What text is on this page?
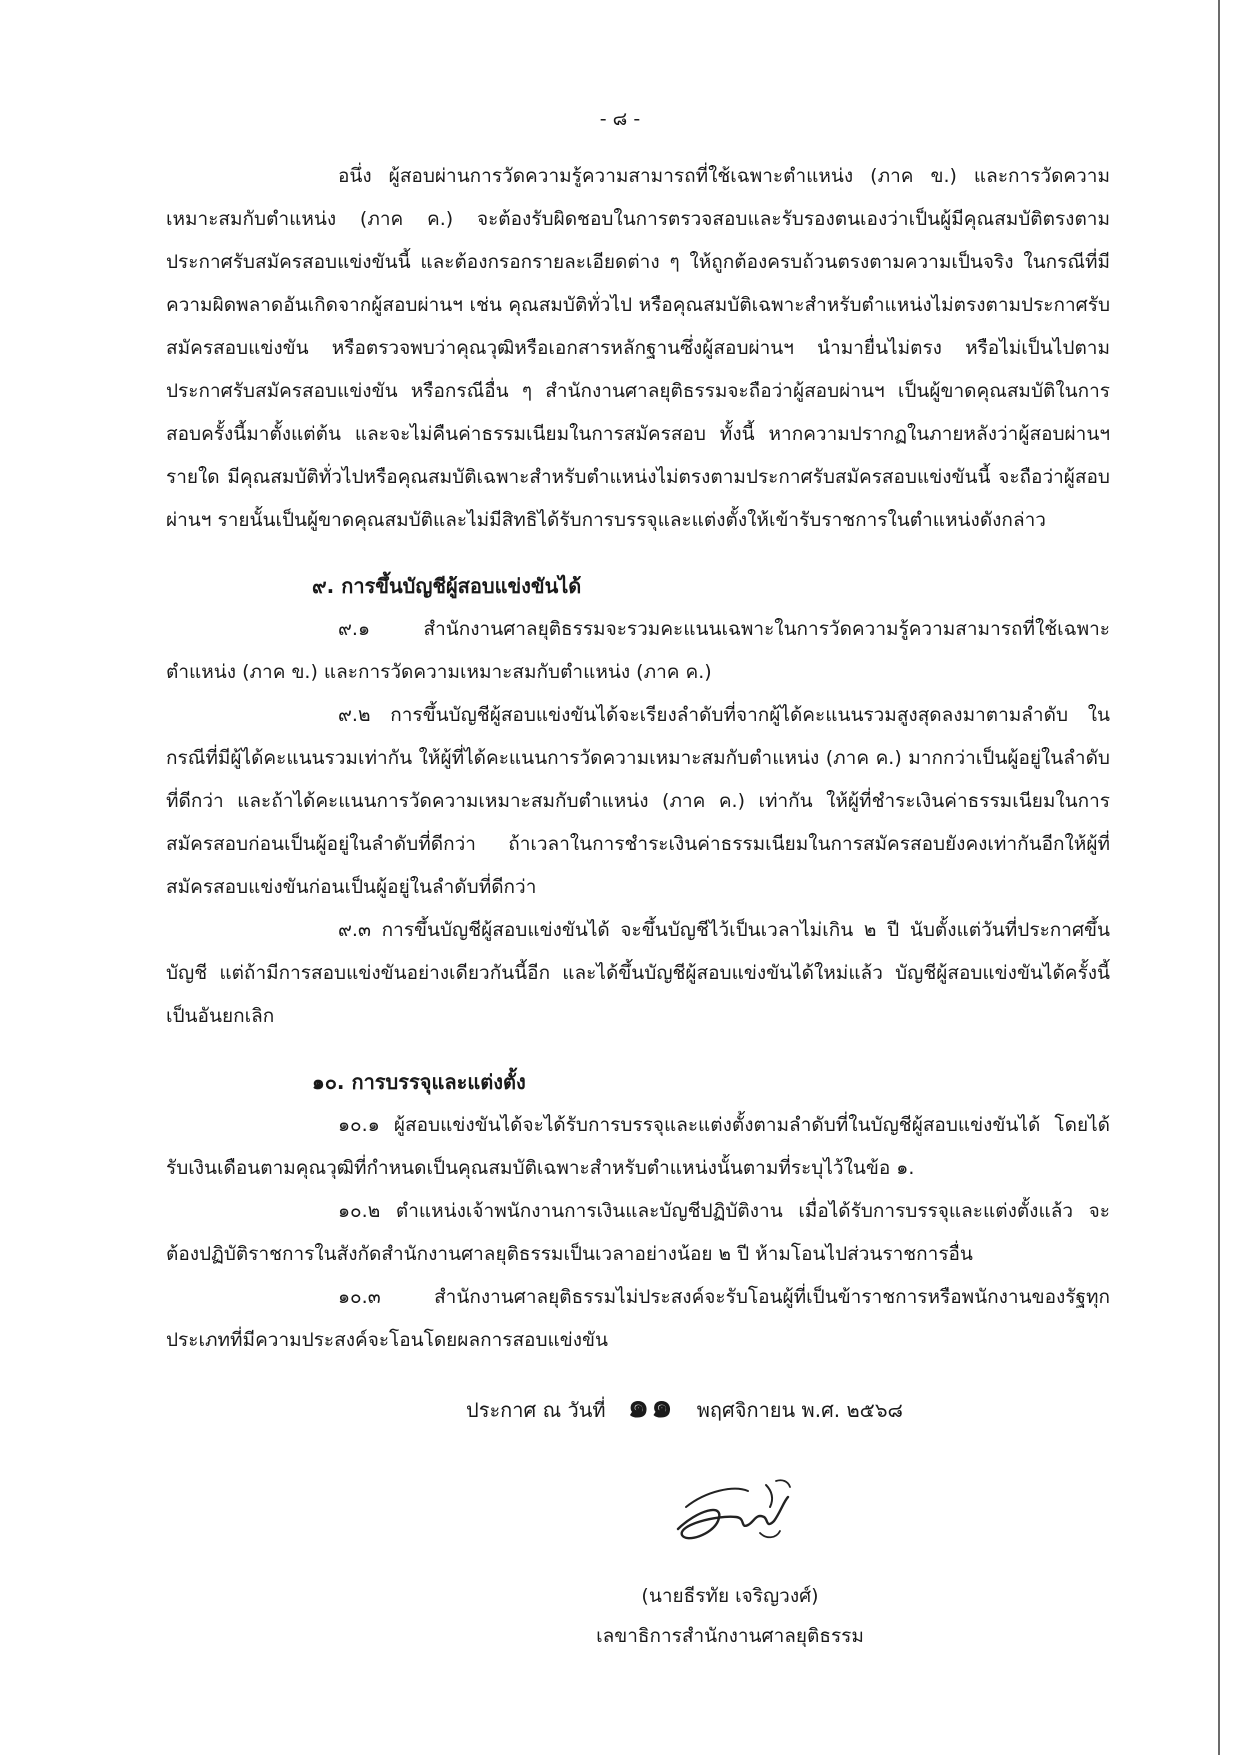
- ๘ -

อนึ่ง ผู้สอบผ่านการวัดความรู้ความสามารถที่ใช้เฉพาะตำแหน่ง (ภาค ข.) และการวัดความเหมาะสมกับตำแหน่ง (ภาค ค.) จะต้องรับผิดชอบในการตรวจสอบและรับรองตนเองว่าเป็นผู้มีคุณสมบัติตรงตามประกาศรับสมัครสอบแข่งขันนี้ และต้องกรอกรายละเอียดต่าง ๆ ให้ถูกต้องครบถ้วนตรงตามความเป็นจริง ในกรณีที่มีความผิดพลาดอันเกิดจากผู้สอบผ่านฯ เช่น คุณสมบัติทั่วไป หรือคุณสมบัติเฉพาะสำหรับตำแหน่งไม่ตรงตามประกาศรับสมัครสอบแข่งขัน หรือตรวจพบว่าคุณวุฒิหรือเอกสารหลักฐานซึ่งผู้สอบผ่านฯ นำมายื่นไม่ตรง หรือไม่เป็นไปตามประกาศรับสมัครสอบแข่งขัน หรือกรณีอื่น ๆ สำนักงานศาลยุติธรรมจะถือว่าผู้สอบผ่านฯ เป็นผู้ขาดคุณสมบัติในการสอบครั้งนี้มาตั้งแต่ต้น และจะไม่คืนค่าธรรมเนียมในการสมัครสอบ ทั้งนี้ หากความปรากฏในภายหลังว่าผู้สอบผ่านฯ รายใด มีคุณสมบัติทั่วไปหรือคุณสมบัติเฉพาะสำหรับตำแหน่งไม่ตรงตามประกาศรับสมัครสอบแข่งขันนี้ จะถือว่าผู้สอบผ่านฯ รายนั้นเป็นผู้ขาดคุณสมบัติและไม่มีสิทธิได้รับการบรรจุและแต่งตั้งให้เข้ารับราชการในตำแหน่งดังกล่าว

๙. การขึ้นบัญชีผู้สอบแข่งขันได้

๙.๑ สำนักงานศาลยุติธรรมจะรวมคะแนนเฉพาะในการวัดความรู้ความสามารถที่ใช้เฉพาะตำแหน่ง (ภาค ข.) และการวัดความเหมาะสมกับตำแหน่ง (ภาค ค.)

๙.๒ การขึ้นบัญชีผู้สอบแข่งขันได้จะเรียงลำดับที่จากผู้ได้คะแนนรวมสูงสุดลงมาตามลำดับ ในกรณีที่มีผู้ได้คะแนนรวมเท่ากัน ให้ผู้ที่ได้คะแนนการวัดความเหมาะสมกับตำแหน่ง (ภาค ค.) มากกว่าเป็นผู้อยู่ในลำดับที่ดีกว่า และถ้าได้คะแนนการวัดความเหมาะสมกับตำแหน่ง (ภาค ค.) เท่ากัน ให้ผู้ที่ชำระเงินค่าธรรมเนียมในการสมัครสอบก่อนเป็นผู้อยู่ในลำดับที่ดีกว่า ถ้าเวลาในการชำระเงินค่าธรรมเนียมในการสมัครสอบยังคงเท่ากันอีกให้ผู้ที่สมัครสอบแข่งขันก่อนเป็นผู้อยู่ในลำดับที่ดีกว่า

๙.๓ การขึ้นบัญชีผู้สอบแข่งขันได้ จะขึ้นบัญชีไว้เป็นเวลาไม่เกิน ๒ ปี นับตั้งแต่วันที่ประกาศขึ้นบัญชี แต่ถ้ามีการสอบแข่งขันอย่างเดียวกันนี้อีก และได้ขึ้นบัญชีผู้สอบแข่งขันได้ใหม่แล้ว บัญชีผู้สอบแข่งขันได้ครั้งนี้เป็นอันยกเลิก

๑๐. การบรรจุและแต่งตั้ง

๑๐.๑ ผู้สอบแข่งขันได้จะได้รับการบรรจุและแต่งตั้งตามลำดับที่ในบัญชีผู้สอบแข่งขันได้ โดยได้รับเงินเดือนตามคุณวุฒิที่กำหนดเป็นคุณสมบัติเฉพาะสำหรับตำแหน่งนั้นตามที่ระบุไว้ในข้อ ๑.

๑๐.๒ ตำแหน่งเจ้าพนักงานการเงินและบัญชีปฏิบัติงาน เมื่อได้รับการบรรจุและแต่งตั้งแล้ว จะต้องปฏิบัติราชการในสังกัดสำนักงานศาลยุติธรรมเป็นเวลาอย่างน้อย ๒ ปี ห้ามโอนไปส่วนราชการอื่น

๑๐.๓ สำนักงานศาลยุติธรรมไม่ประสงค์จะรับโอนผู้ที่เป็นข้าราชการหรือพนักงานของรัฐทุกประเภทที่มีความประสงค์จะโอนโดยผลการสอบแข่งขัน

ประกาศ ณ วันที่ ๑๑ พฤศจิกายน พ.ศ. ๒๕๖๘
(นายธีรทัย เจริญวงศ์)
เลขาธิการสำนักงานศาลยุติธรรม
